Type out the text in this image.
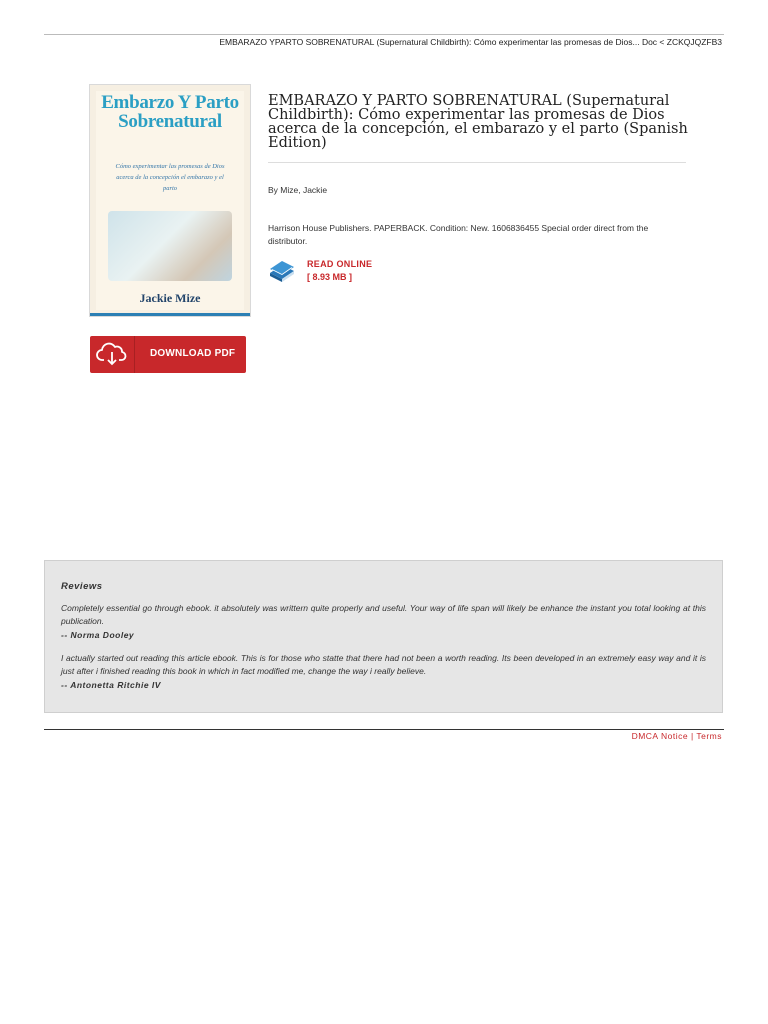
EMBARAZO YPARTO SOBRENATURAL (Supernatural Childbirth): Cómo experimentar las promesas de Dios... Doc < ZCKQJQZFB3
Embarzo Y Parto Sobrenatural
Cómo experimentar las promesas de Dios acerca de la concepción el embarazo y el parto
Jackie Mize
DOWNLOAD PDF
EMBARAZO Y PARTO SOBRENATURAL (Supernatural Childbirth): Cómo experimentar las promesas de Dios acerca de la concepción, el embarazo y el parto (Spanish Edition)
By Mize, Jackie
Harrison House Publishers. PAPERBACK. Condition: New. 1606836455 Special order direct from the distributor.
READ ONLINE
[ 8.93 MB ]
Reviews

Completely essential go through ebook. it absolutely was writtern quite properly and useful. Your way of life span will likely be enhance the instant you total looking at this publication.

-- Norma Dooley

I actually started out reading this article ebook. This is for those who statte that there had not been a worth reading. Its been developed in an extremely easy way and it is just after i finished reading this book in which in fact modified me, change the way i really believe.

-- Antonetta Ritchie IV

DMCA Notice | Terms
